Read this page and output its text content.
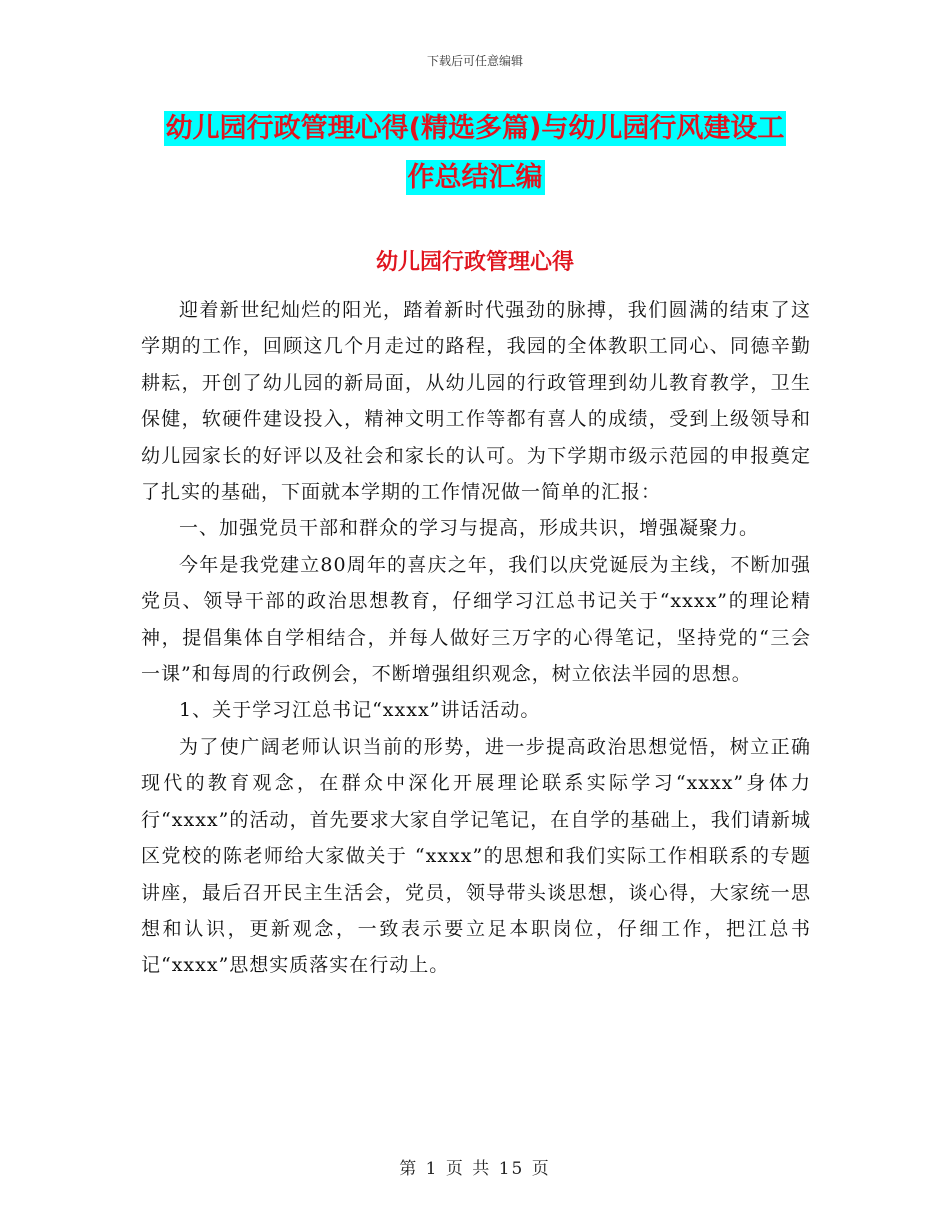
下载后可任意编辑
幼儿园行政管理心得(精选多篇)与幼儿园行风建设工
作总结汇编
幼儿园行政管理心得

迎着新世纪灿烂的阳光，踏着新时代强劲的脉搏，我们圆满的结束了这学期的工作，回顾这几个月走过的路程，我园的全体教职工同心、同德辛勤耕耘，开创了幼儿园的新局面，从幼儿园的行政管理到幼儿教育教学，卫生保健，软硬件建设投入，精神文明工作等都有喜人的成绩，受到上级领导和幼儿园家长的好评以及社会和家长的认可。为下学期市级示范园的申报奠定了扎实的基础，下面就本学期的工作情况做一简单的汇报：

一、加强党员干部和群众的学习与提高，形成共识，增强凝聚力。

今年是我党建立80周年的喜庆之年，我们以庆党诞辰为主线，不断加强党员、领导干部的政治思想教育，仔细学习江总书记关于“xxxx”的理论精神，提倡集体自学相结合，并每人做好三万字的心得笔记，坚持党的“三会一课”和每周的行政例会，不断增强组织观念，树立依法半园的思想。

1、关于学习江总书记“xxxx”讲话活动。

为了使广阔老师认识当前的形势，进一步提高政治思想觉悟，树立正确现代的教育观念，在群众中深化开展理论联系实际学习“xxxx”身体力行“xxxx”的活动，首先要求大家自学记笔记，在自学的基础上，我们请新城区党校的陈老师给大家做关于 “xxxx”的思想和我们实际工作相联系的专题讲座，最后召开民主生活会，党员，领导带头谈思想，谈心得，大家统一思想和认识，更新观念，一致表示要立足本职岗位，仔细工作，把江总书记“xxxx”思想实质落实在行动上。

第 1 页 共 15 页
